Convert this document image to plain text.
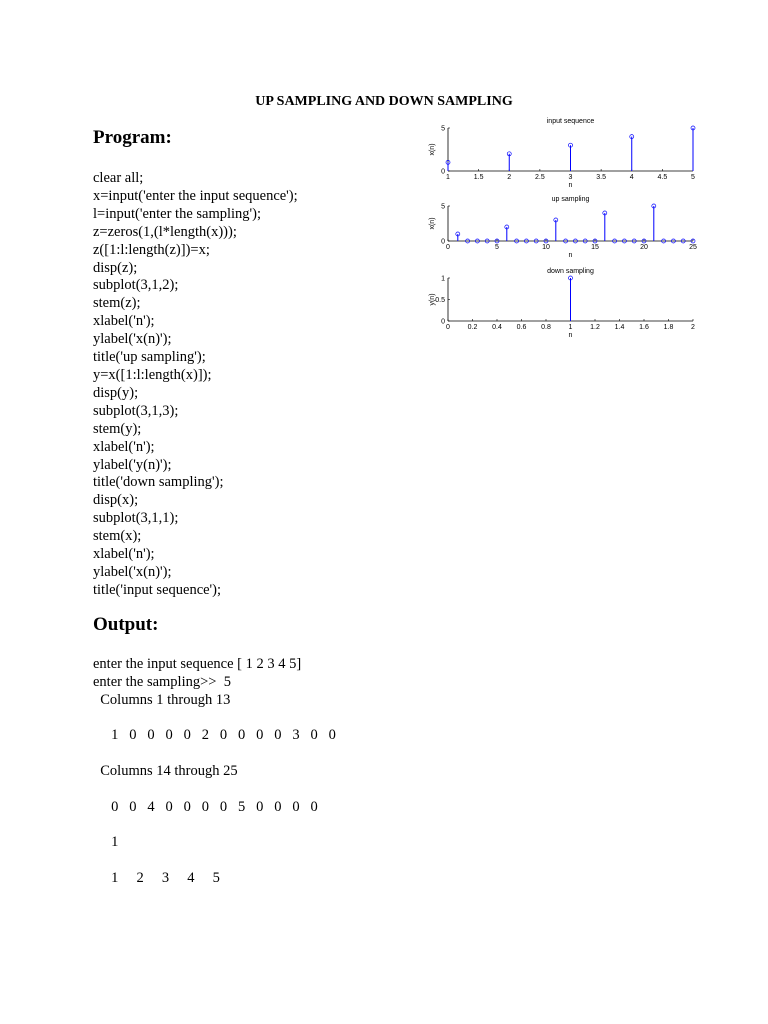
UP SAMPLING AND DOWN SAMPLING
Program:
clear all;
x=input('enter the input sequence');
l=input('enter the sampling');
z=zeros(1,(l*length(x)));
z([1:l:length(z)])=x;
disp(z);
subplot(3,1,2);
stem(z);
xlabel('n');
ylabel('x(n)');
title('up sampling');
y=x([1:l:length(x)]);
disp(y);
subplot(3,1,3);
stem(y);
xlabel('n');
ylabel('y(n)');
title('down sampling');
disp(x);
subplot(3,1,1);
stem(x);
xlabel('n');
ylabel('x(n)');
title('input sequence');
input sequence
1	1.5	2	2.5	3	3.5	4	4.5	5
0
5
n
x(n)
up sampling
0	5	10	15	20	25
0
5
n
x(n)
down sampling
0	0.2 0.4 0.6 0.8	1	1.2 1.4 1.6 1.8	2
0
0.5
1
n
y(n)
Output:
enter the input sequence [ 1 2 3 4 5]
enter the sampling>>  5
Columns 1 through 13
1   0   0   0   0   2   0   0   0   0   3   0   0
Columns 14 through 25
0   0   4   0   0   0   0   5   0   0   0   0
1
1     2     3     4     5
